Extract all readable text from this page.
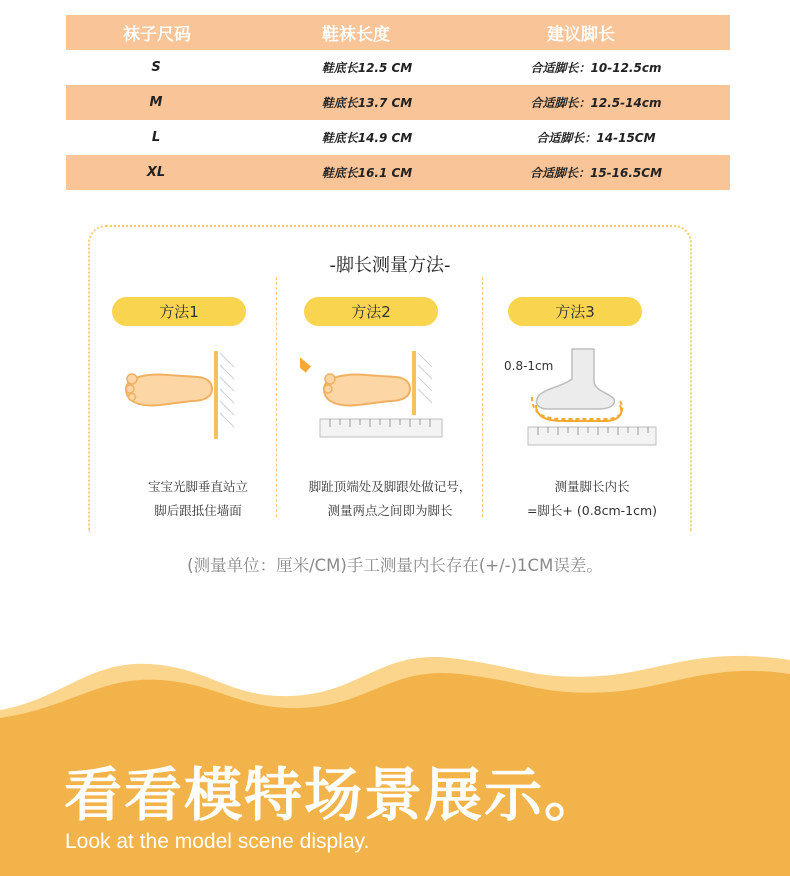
袜子尺码	鞋袜长度	建议脚长
S	鞋底长12.5 CM	合适脚长：10-12.5cm
M	鞋底长13.7 CM	合适脚长：12.5-14cm
L	鞋底长14.9 CM	合适脚长：14-15CM
XL	鞋底长16.1 CM	合适脚长：15-16.5CM
-脚长测量方法-
方法1
宝宝光脚垂直站立
脚后跟抵住墙面
方法2
脚趾顶端处及脚跟处做记号，
测量两点之间即为脚长
方法3
0.8-1cm
测量脚长内长
=脚长+ (0.8cm-1cm)
(测量单位：厘米/CM)手工测量内长存在(+/-)1CM误差。
看看模特场景展示。
Look at the model scene display.
